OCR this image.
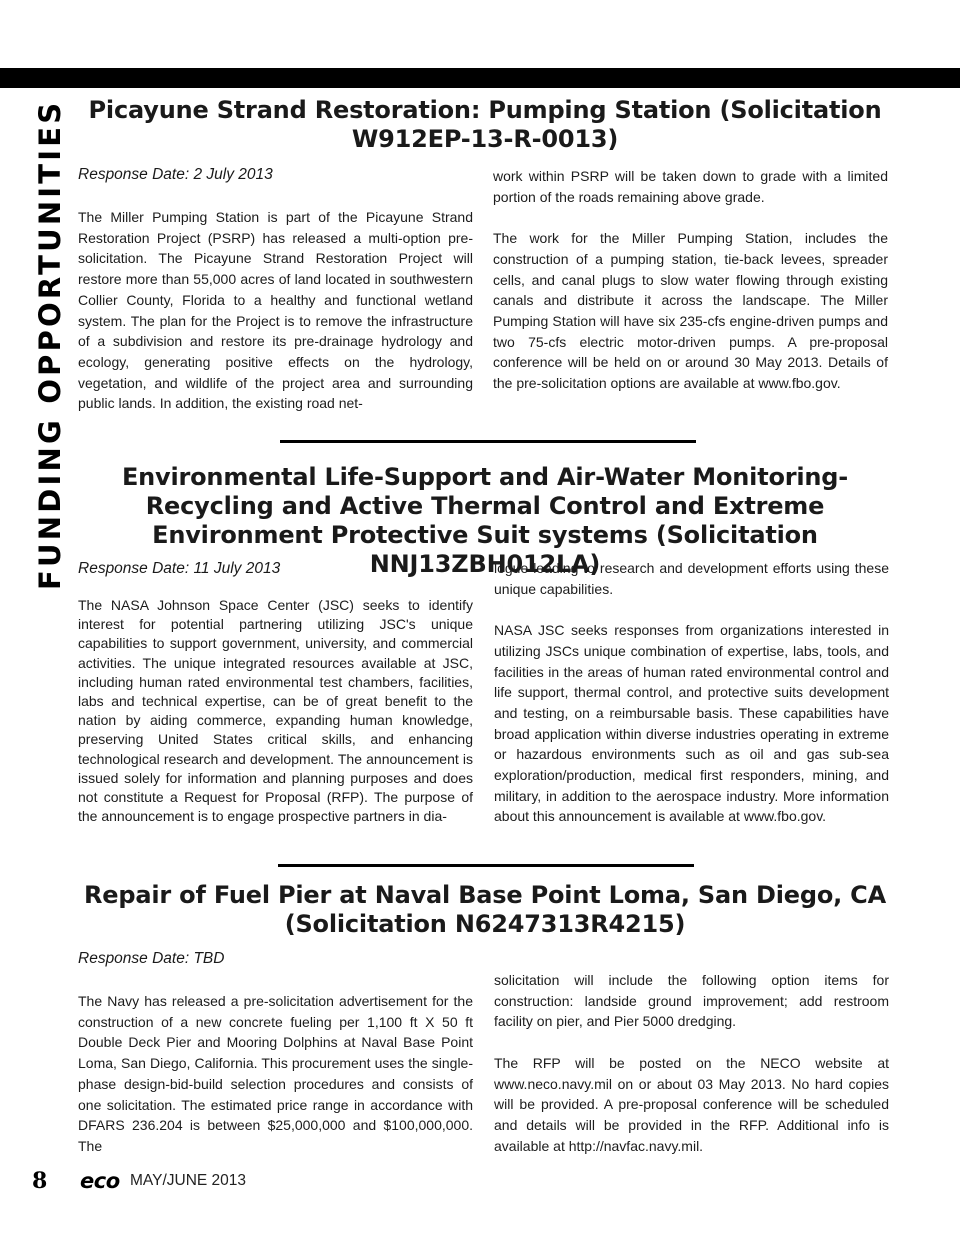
FUNDING OPPORTUNITIES Picayune Strand Restoration: Pumping Station (Solicitation W912EP-13-R-0013)
Response Date: 2 July 2013

The Miller Pumping Station is part of the Picayune Strand Restoration Project (PSRP) has released a multi-option pre-solicitation. The Picayune Strand Restoration Project will restore more than 55,000 acres of land located in southwestern Collier County, Florida to a healthy and functional wetland system. The plan for the Project is to remove the infrastructure of a subdivision and restore its pre-drainage hydrology and ecology, generating positive effects on the hydrology, vegetation, and wildlife of the project area and surrounding public lands. In addition, the existing road net-

work within PSRP will be taken down to grade with a limited portion of the roads remaining above grade.

The work for the Miller Pumping Station, includes the construction of a pumping station, tie-back levees, spreader cells, and canal plugs to slow water flowing through existing canals and distribute it across the landscape. The Miller Pumping Station will have six 235-cfs engine-driven pumps and two 75-cfs electric motor-driven pumps. A pre-proposal conference will be held on or around 30 May 2013. Details of the pre-solicitation options are available at www.fbo.gov.

Environmental Life-Support and Air-Water Monitoring-Recycling and Active Thermal Control and Extreme Environment Protective Suit systems (Solicitation NNJ13ZBH012LA)
Response Date: 11 July 2013

The NASA Johnson Space Center (JSC) seeks to identify interest for potential partnering utilizing JSC's unique capabilities to support government, university, and commercial activities. The unique integrated resources available at JSC, including human rated environmental test chambers, facilities, labs and technical expertise, can be of great benefit to the nation by aiding commerce, expanding human knowledge, preserving United States critical skills, and enhancing technological research and development. The announcement is issued solely for information and planning purposes and does not constitute a Request for Proposal (RFP). The purpose of the announcement is to engage prospective partners in dia-

logue leading to research and development efforts using these unique capabilities.

NASA JSC seeks responses from organizations interested in utilizing JSCs unique combination of expertise, labs, tools, and facilities in the areas of human rated environmental control and life support, thermal control, and protective suits development and testing, on a reimbursable basis. These capabilities have broad application within diverse industries operating in extreme or hazardous environments such as oil and gas sub-sea exploration/production, medical first responders, mining, and military, in addition to the aerospace industry. More information about this announcement is available at www.fbo.gov.

Repair of Fuel Pier at Naval Base Point Loma, San Diego, CA (Solicitation N6247313R4215)
Response Date: TBD

The Navy has released a pre-solicitation advertisement for the construction of a new concrete fueling per 1,100 ft X 50 ft Double Deck Pier and Mooring Dolphins at Naval Base Point Loma, San Diego, California. This procurement uses the single-phase design-bid-build selection procedures and consists of one solicitation. The estimated price range in accordance with DFARS 236.204 is between $25,000,000 and $100,000,000. The

solicitation will include the following option items for construction: landside ground improvement; add restroom facility on pier, and Pier 5000 dredging.

The RFP will be posted on the NECO website at www.neco.navy.mil on or about 03 May 2013. No hard copies will be provided. A pre-proposal conference will be scheduled and details will be provided in the RFP. Additional info is available at http://navfac.navy.mil.

8 eco MAY/JUNE 2013
